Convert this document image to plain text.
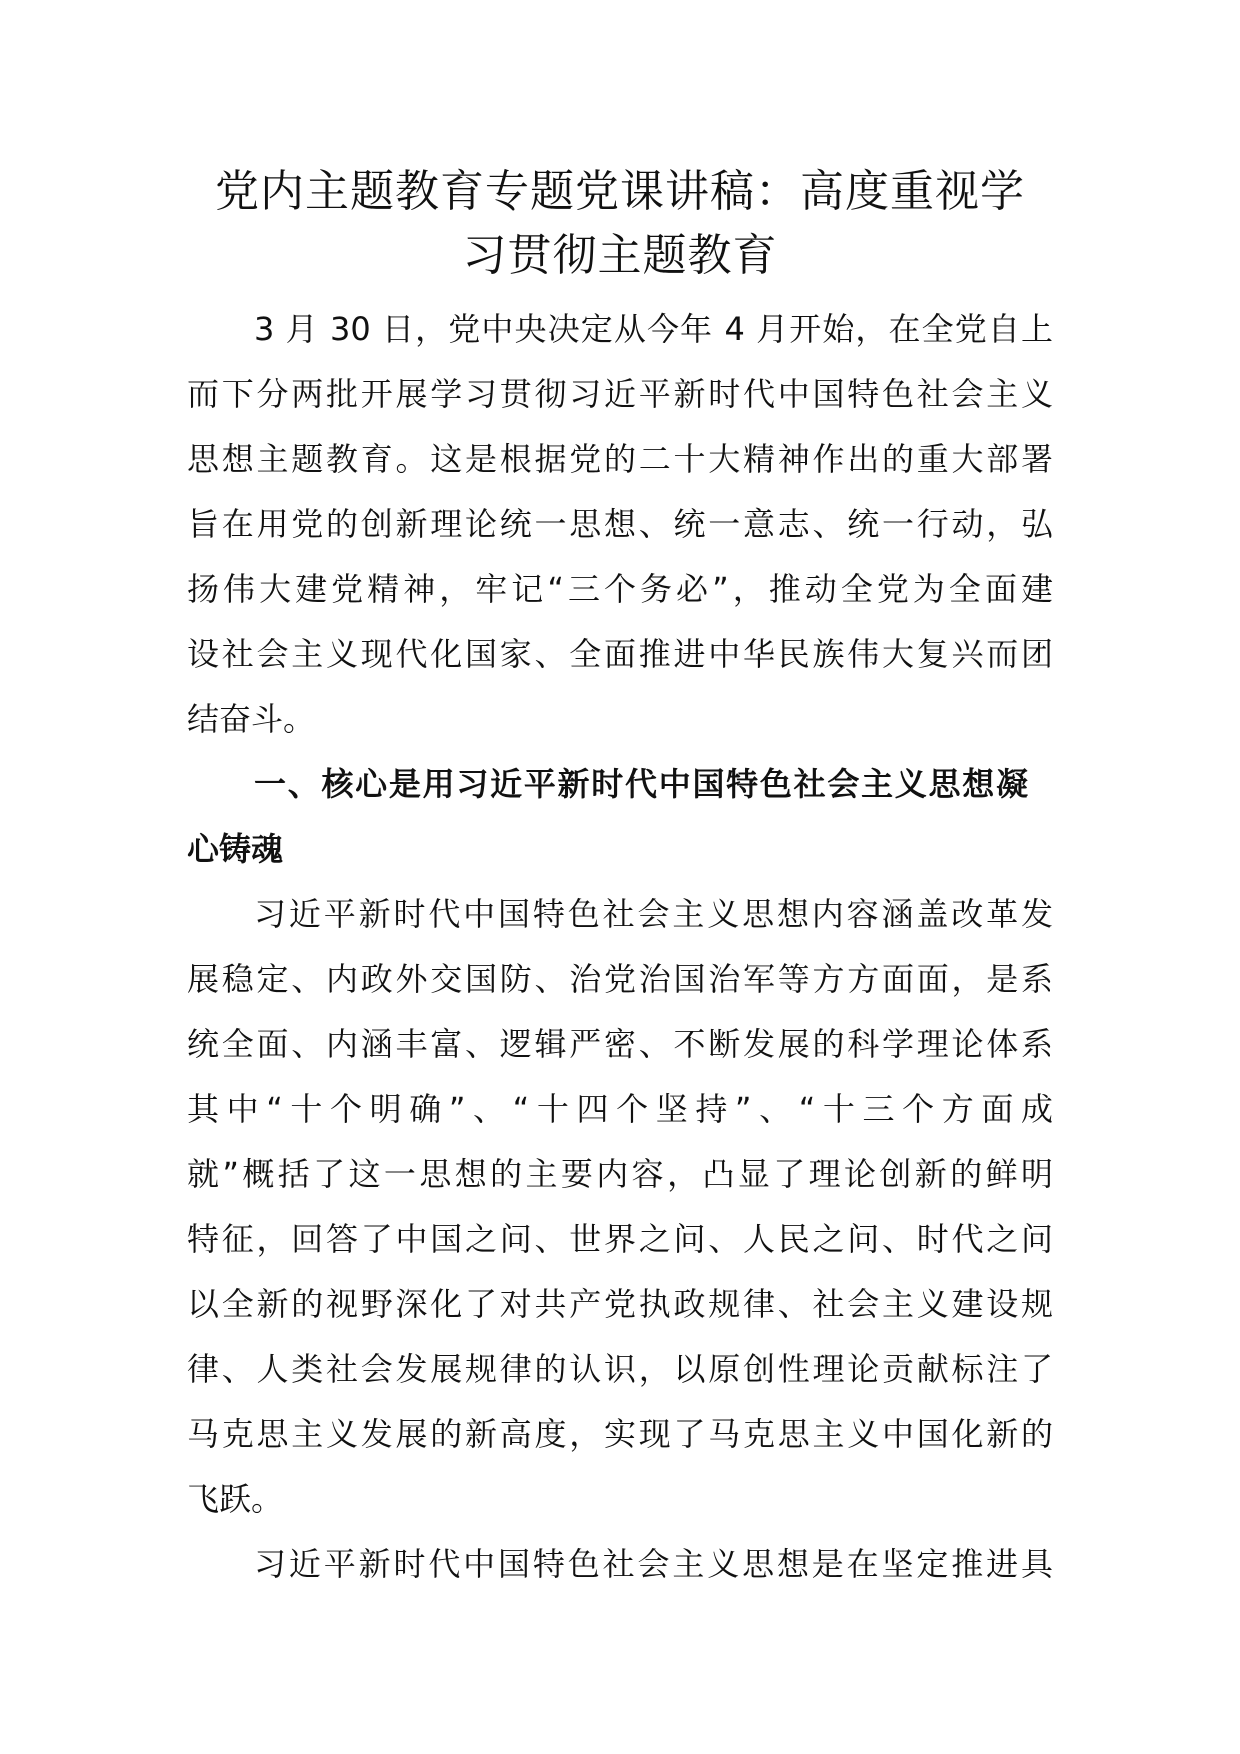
党内主题教育专题党课讲稿：高度重视学
习贯彻主题教育

3 月 30 日，党中央决定从今年 4 月开始，在全党自上

而下分两批开展学习贯彻习近平新时代中国特色社会主义

思想主题教育。这是根据党的二十大精神作出的重大部署

旨在用党的创新理论统一思想、统一意志、统一行动，弘

扬伟大建党精神，牢记“三个务必”，推动全党为全面建

设社会主义现代化国家、全面推进中华民族伟大复兴而团

结奋斗。

一、核心是用习近平新时代中国特色社会主义思想凝

心铸魂

习近平新时代中国特色社会主义思想内容涵盖改革发

展稳定、内政外交国防、治党治国治军等方方面面，是系

统全面、内涵丰富、逻辑严密、不断发展的科学理论体系

其中“十个明确”、“十四个坚持”、“十三个方面成

就”概括了这一思想的主要内容，凸显了理论创新的鲜明

特征，回答了中国之问、世界之问、人民之问、时代之问

以全新的视野深化了对共产党执政规律、社会主义建设规

律、人类社会发展规律的认识，以原创性理论贡献标注了

马克思主义发展的新高度，实现了马克思主义中国化新的

飞跃。

习近平新时代中国特色社会主义思想是在坚定推进具
